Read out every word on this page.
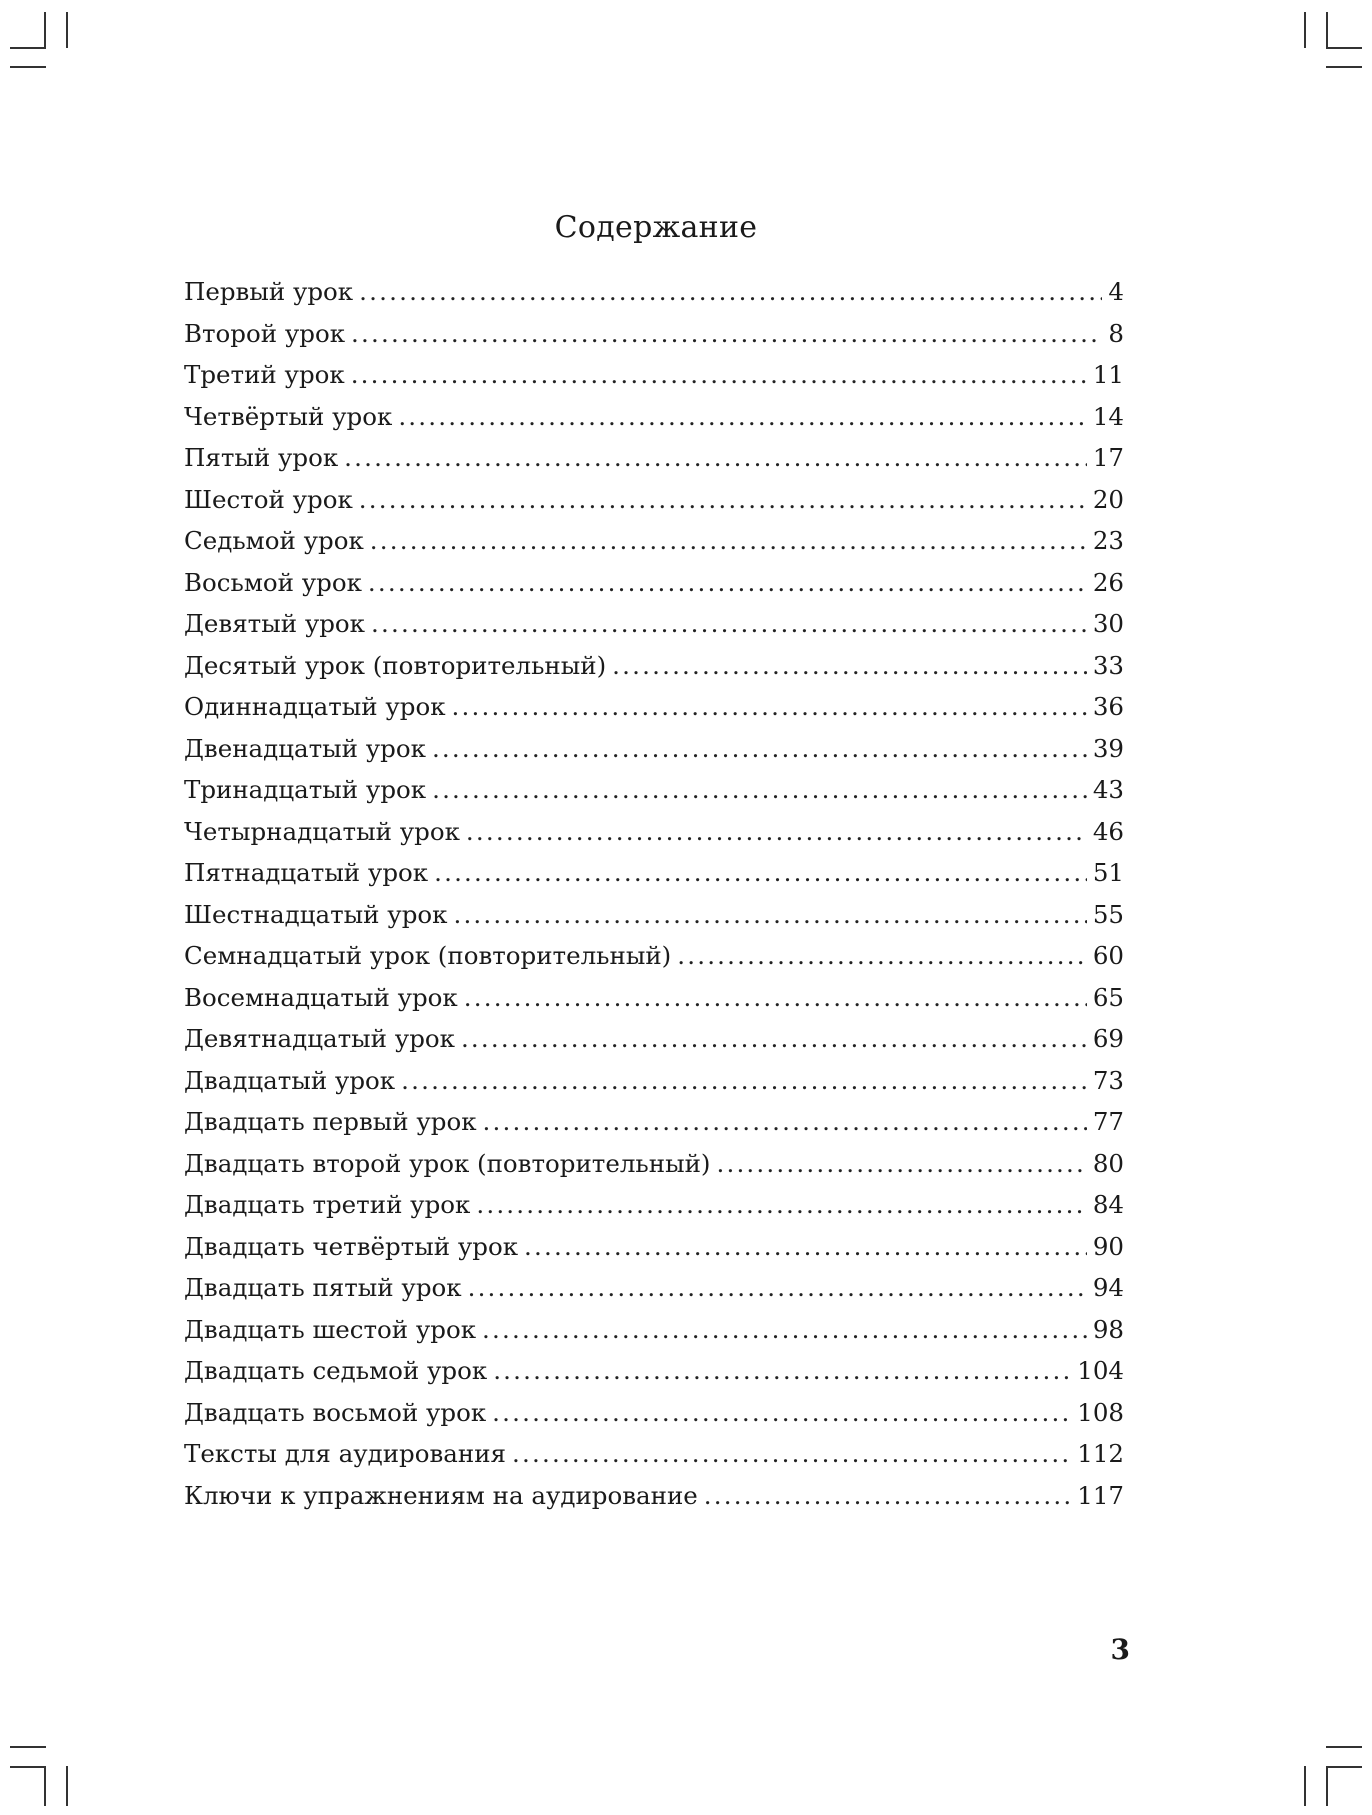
Содержание
Первый урок .....	4
Второй урок .....	8
Третий урок .....	11
Четвёртый урок .....	14
Пятый урок .....	17
Шестой урок .....	20
Седьмой урок .....	23
Восьмой урок .....	26
Девятый урок .....	30
Десятый урок (повторительный) .....	33
Одиннадцатый урок .....	36
Двенадцатый урок .....	39
Тринадцатый урок .....	43
Четырнадцатый урок .....	46
Пятнадцатый урок .....	51
Шестнадцатый урок .....	55
Семнадцатый урок (повторительный) .....	60
Восемнадцатый урок .....	65
Девятнадцатый урок .....	69
Двадцатый урок .....	73
Двадцать первый урок .....	77
Двадцать второй урок (повторительный) .....	80
Двадцать третий урок .....	84
Двадцать четвёртый урок .....	90
Двадцать пятый урок .....	94
Двадцать шестой урок .....	98
Двадцать седьмой урок .....	104
Двадцать восьмой урок .....	108
Тексты для аудирования .....	112
Ключи к упражнениям на аудирование .....	117
3
